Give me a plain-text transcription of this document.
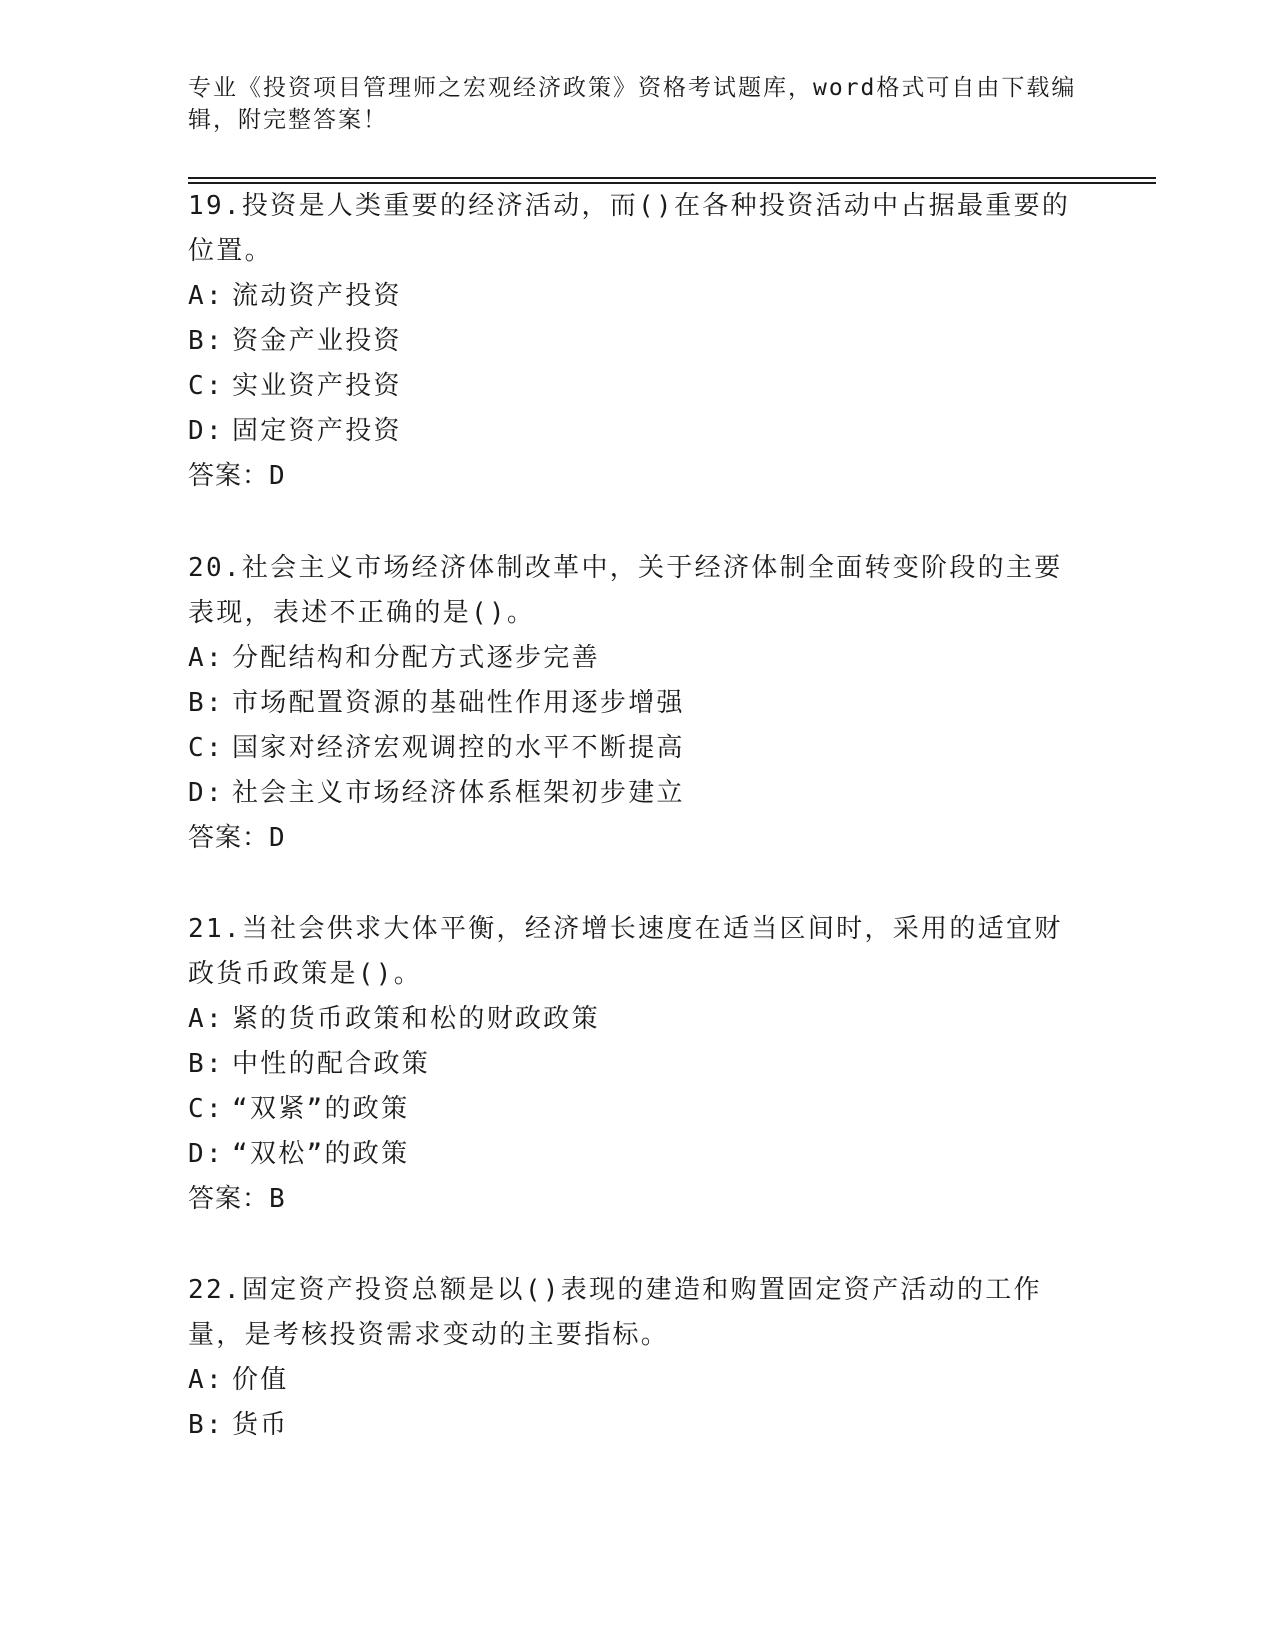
专业《投资项目管理师之宏观经济政策》资格考试题库，word格式可自由下载编辑，附完整答案！

19.投资是人类重要的经济活动，而()在各种投资活动中占据最重要的位置。

A: 流动资产投资

B: 资金产业投资

C: 实业资产投资

D: 固定资产投资

答案：D

20.社会主义市场经济体制改革中，关于经济体制全面转变阶段的主要表现，表述不正确的是()。

A: 分配结构和分配方式逐步完善

B: 市场配置资源的基础性作用逐步增强

C: 国家对经济宏观调控的水平不断提高

D: 社会主义市场经济体系框架初步建立

答案：D

21.当社会供求大体平衡，经济增长速度在适当区间时，采用的适宜财政货币政策是()。

A: 紧的货币政策和松的财政政策

B: 中性的配合政策

C: “双紧”的政策

D: “双松”的政策

答案：B

22.固定资产投资总额是以()表现的建造和购置固定资产活动的工作量，是考核投资需求变动的主要指标。

A: 价值

B: 货币
